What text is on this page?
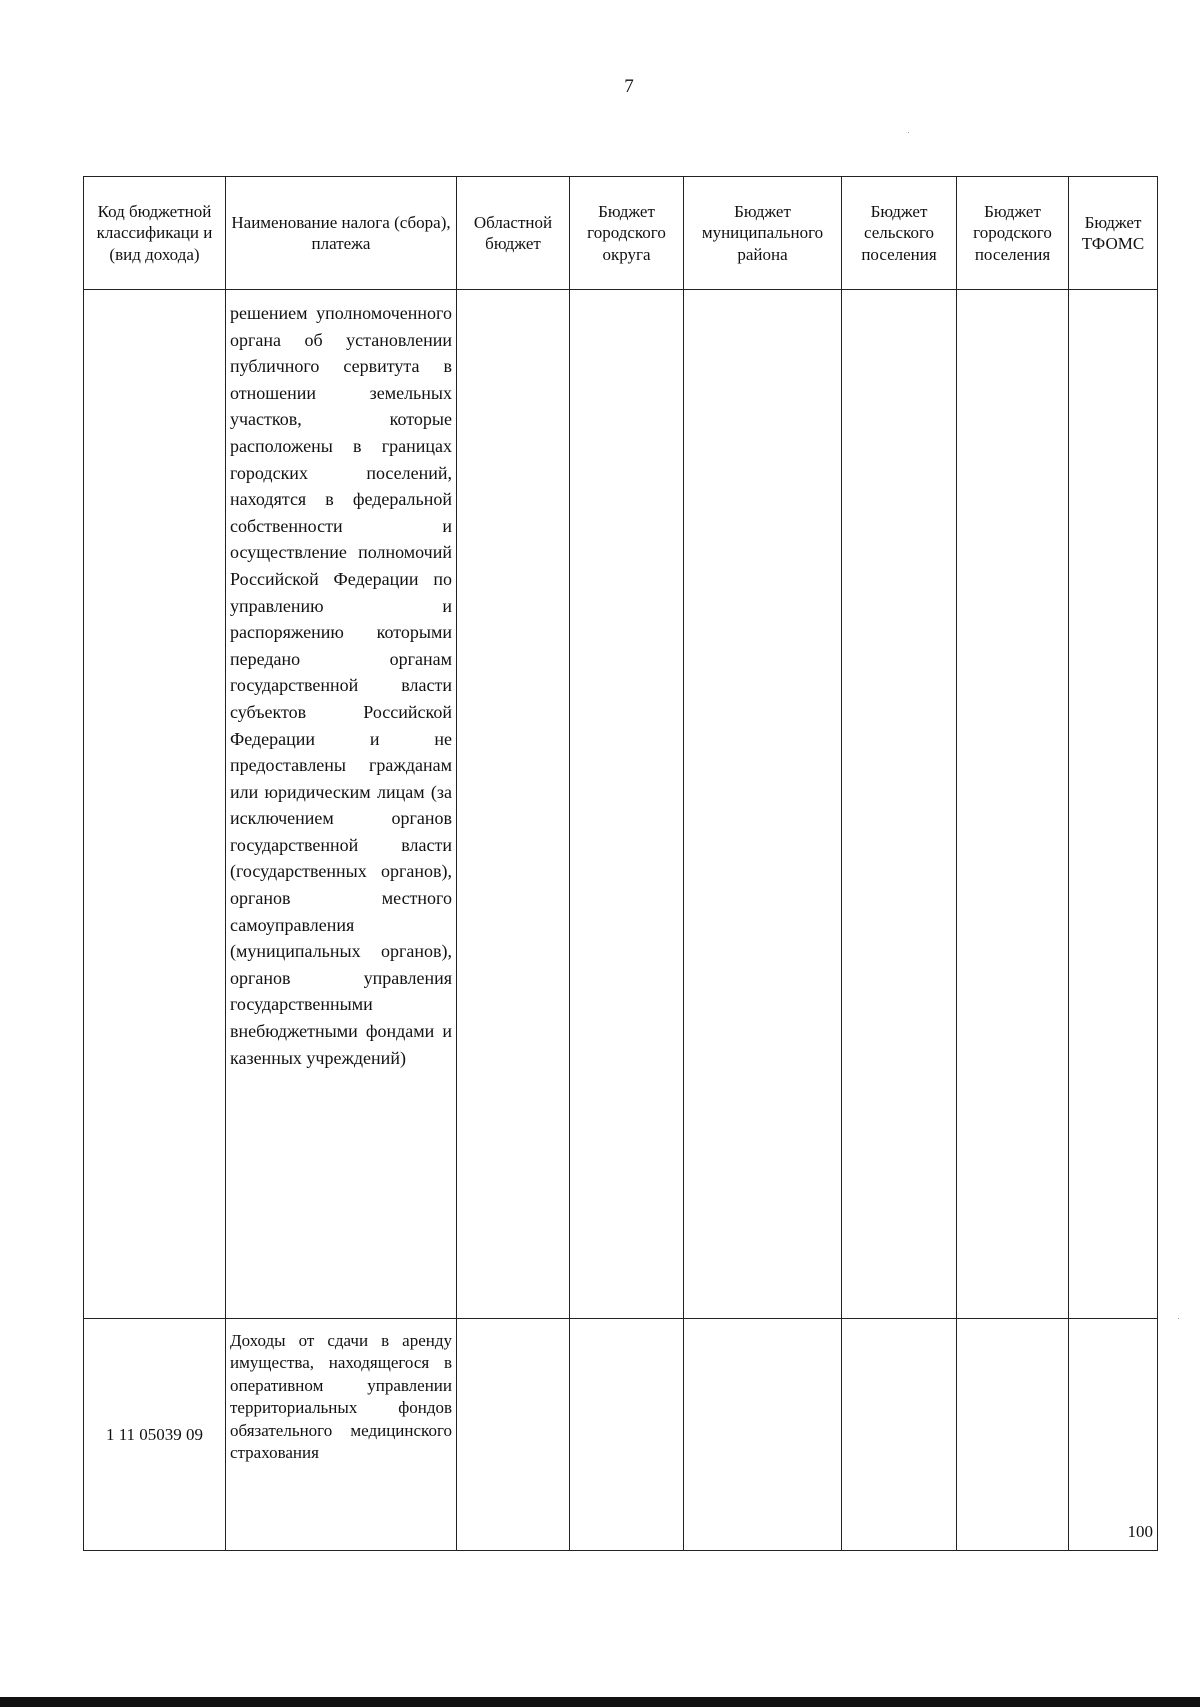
7
Код бюджетной классификаци и (вид дохода)	Наименование налога (сбора), платежа	Областной бюджет	Бюджет городского округа	Бюджет муниципального района	Бюджет сельского поселения	Бюджет городского поселения	Бюджет ТФОМС

	решением уполномоченного органа об установлении публичного сервитута в отношении земельных участков, которые расположены в границах городских поселений, находятся в федеральной собственности и осуществление полномочий Российской Федерации по управлению и распоряжению которыми передано органам государственной власти субъектов Российской Федерации и не предоставлены гражданам или юридическим лицам (за исключением органов государственной власти (государственных органов), органов местного самоуправления (муниципальных органов), органов управления государственными внебюджетными фондами и казенных учреждений)						

1 11 05039 09	Доходы от сдачи в аренду имущества, находящегося в оперативном управлении территориальных фондов обязательного медицинского страхования						100
